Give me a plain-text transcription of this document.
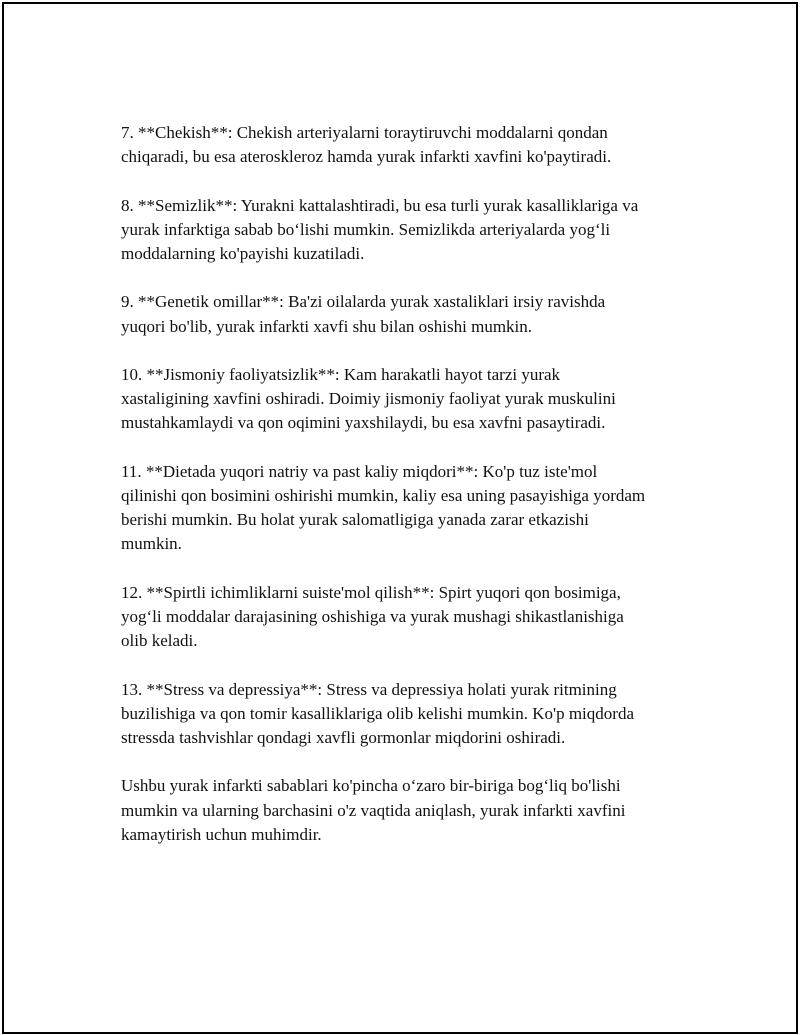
7. **Chekish**: Chekish arteriyalarni toraytiruvchi moddalarni qondan
chiqaradi, bu esa ateroskleroz hamda yurak infarkti xavfini ko'paytiradi.

8. **Semizlik**: Yurakni kattalashtiradi, bu esa turli yurak kasalliklariga va
yurak infarktiga sabab bo‘lishi mumkin. Semizlikda arteriyalarda yog‘li
moddalarning ko'payishi kuzatiladi.

9. **Genetik omillar**: Ba'zi oilalarda yurak xastaliklari irsiy ravishda
yuqori bo'lib, yurak infarkti xavfi shu bilan oshishi mumkin.

10. **Jismoniy faoliyatsizlik**: Kam harakatli hayot tarzi yurak
xastaligining xavfini oshiradi. Doimiy jismoniy faoliyat yurak muskulini
mustahkamlaydi va qon oqimini yaxshilaydi, bu esa xavfni pasaytiradi.

11. **Dietada yuqori natriy va past kaliy miqdori**: Ko'p tuz iste'mol
qilinishi qon bosimini oshirishi mumkin, kaliy esa uning pasayishiga yordam
berishi mumkin. Bu holat yurak salomatligiga yanada zarar etkazishi
mumkin.

12. **Spirtli ichimliklarni suiste'mol qilish**: Spirt yuqori qon bosimiga,
yog‘li moddalar darajasining oshishiga va yurak mushagi shikastlanishiga
olib keladi.

13. **Stress va depressiya**: Stress va depressiya holati yurak ritmining
buzilishiga va qon tomir kasalliklariga olib kelishi mumkin. Ko'p miqdorda
stressda tashvishlar qondagi xavfli gormonlar miqdorini oshiradi.

Ushbu yurak infarkti sabablari ko'pincha o‘zaro bir-biriga bog‘liq bo'lishi
mumkin va ularning barchasini o'z vaqtida aniqlash, yurak infarkti xavfini
kamaytirish uchun muhimdir.
